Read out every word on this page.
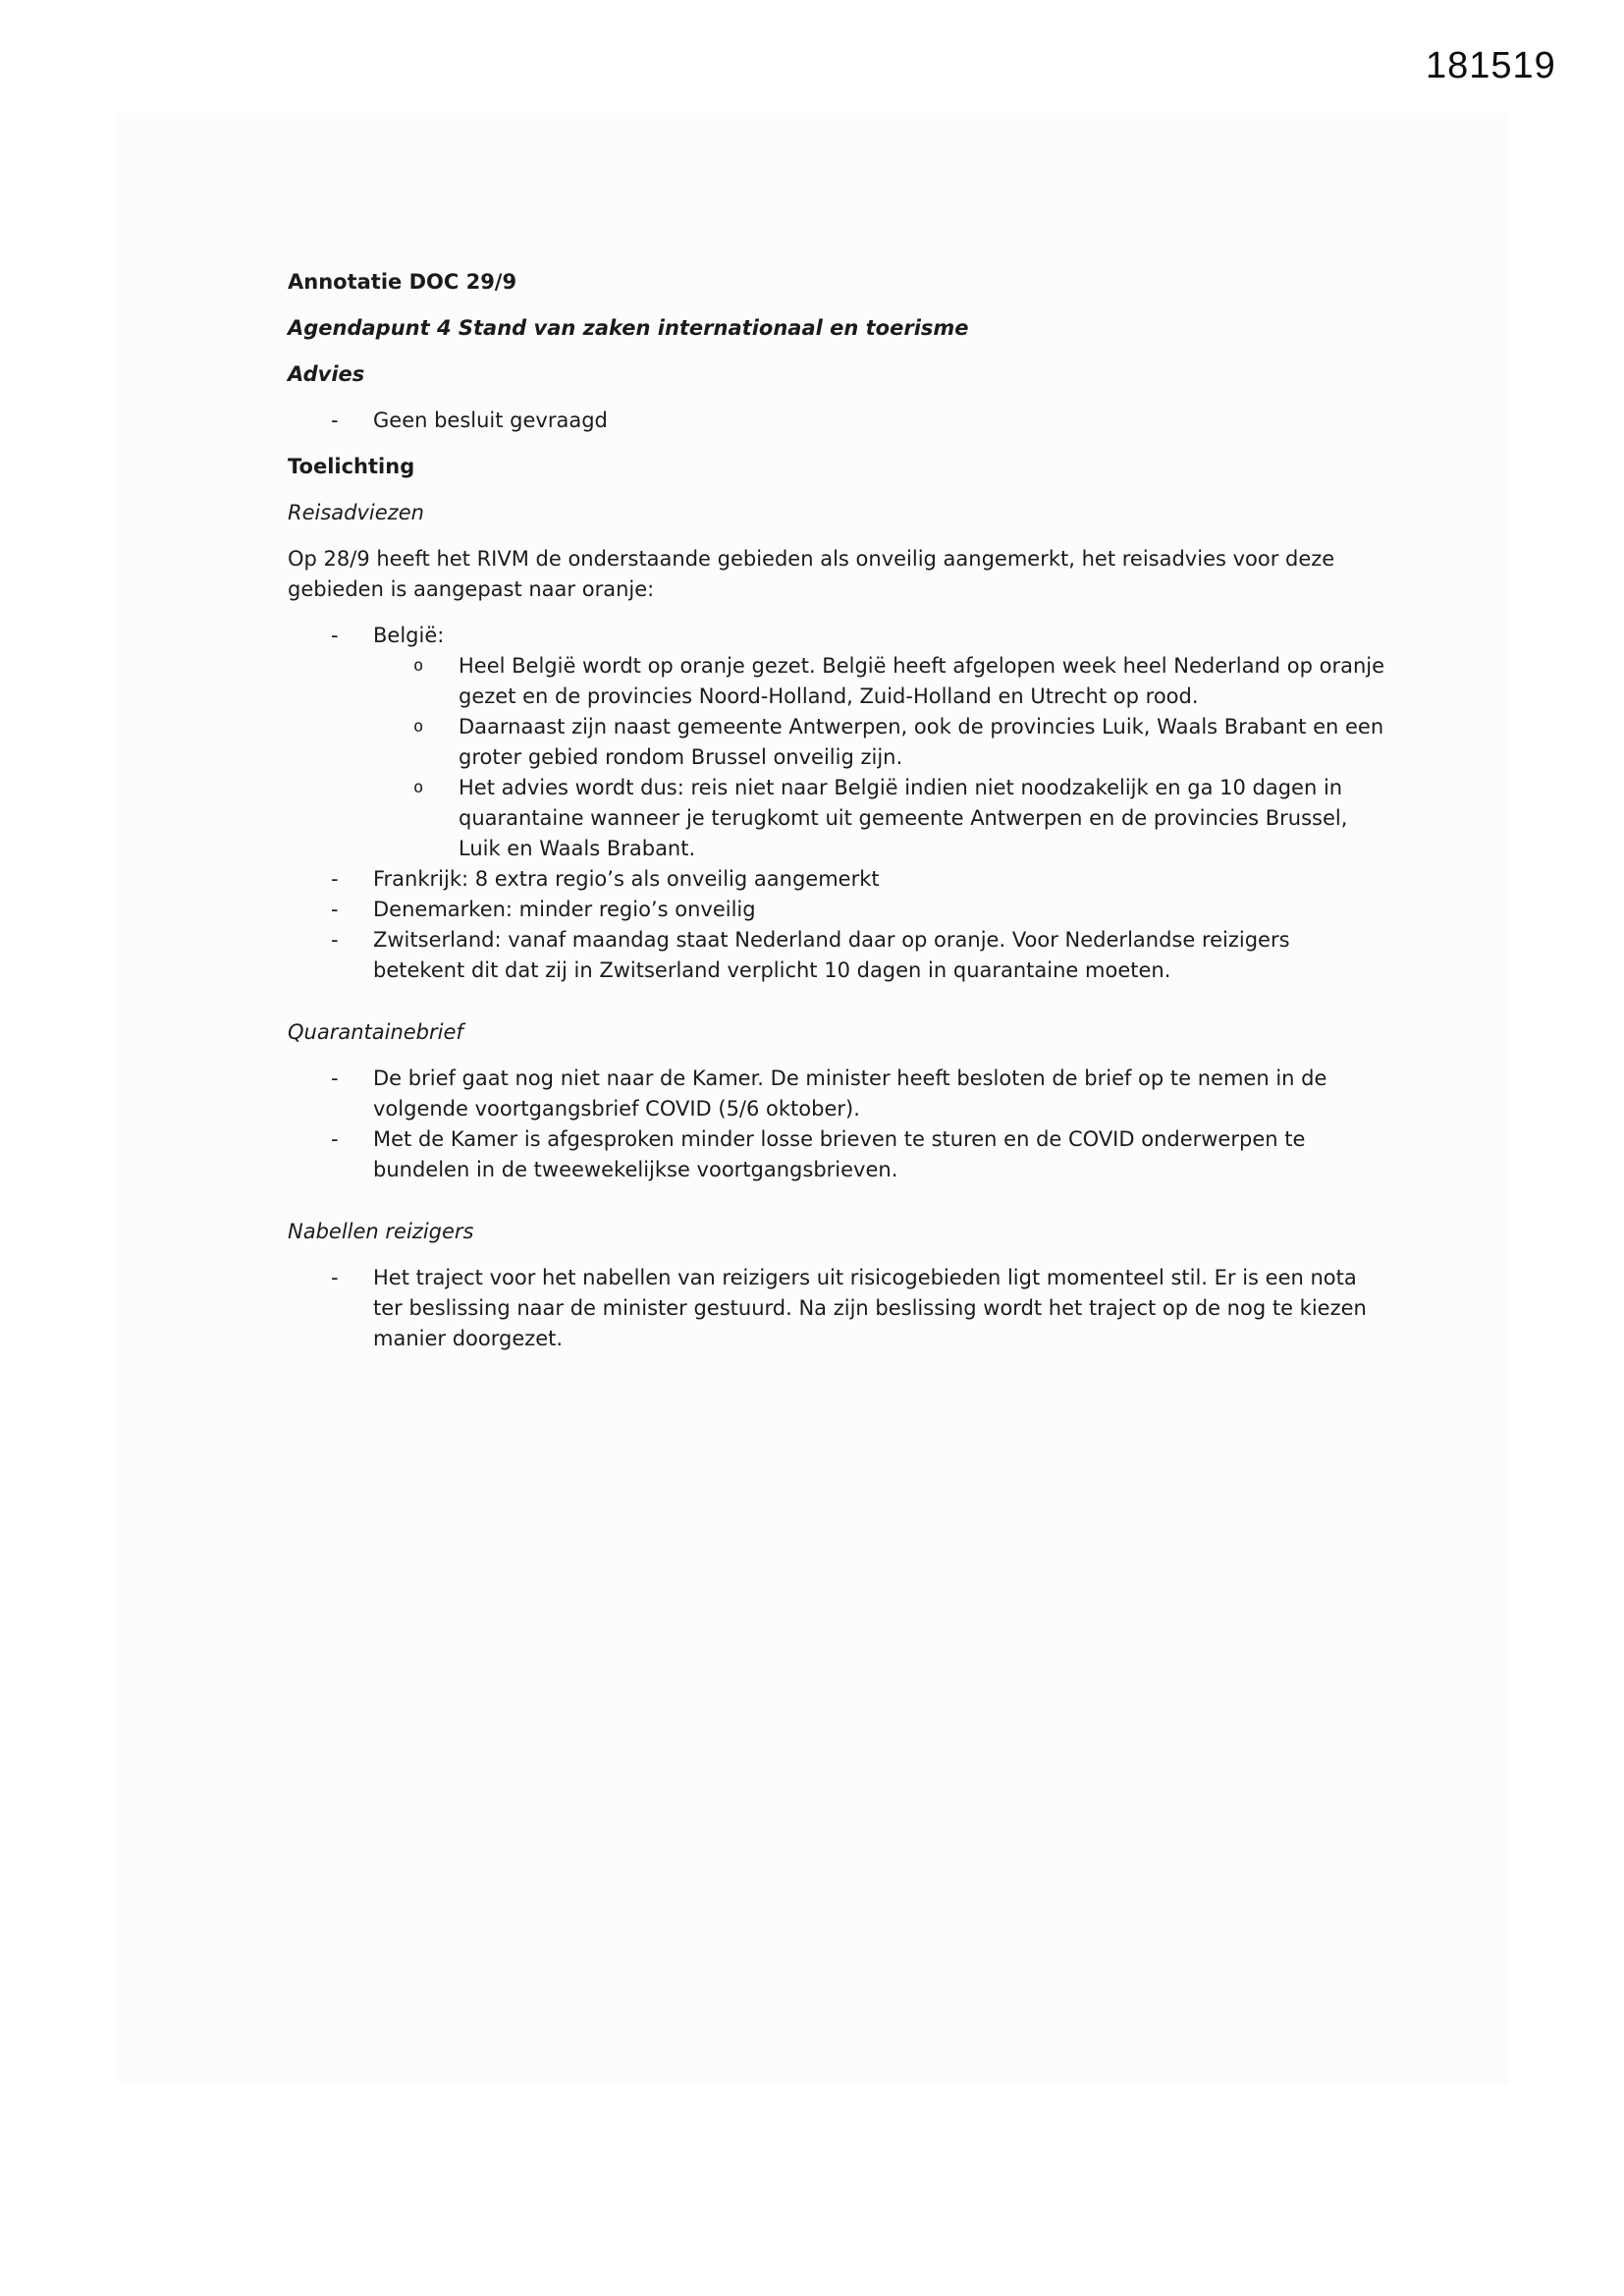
181519
Annotatie DOC 29/9
Agendapunt 4 Stand van zaken internationaal en toerisme
Advies
-	Geen besluit gevraagd
Toelichting
Reisadviezen
Op 28/9 heeft het RIVM de onderstaande gebieden als onveilig aangemerkt, het reisadvies voor deze gebieden is aangepast naar oranje:
-	België:
o	Heel België wordt op oranje gezet. België heeft afgelopen week heel Nederland op oranje gezet en de provincies Noord-Holland, Zuid-Holland en Utrecht op rood.
o	Daarnaast zijn naast gemeente Antwerpen, ook de provincies Luik, Waals Brabant en een groter gebied rondom Brussel onveilig zijn.
o	Het advies wordt dus: reis niet naar België indien niet noodzakelijk en ga 10 dagen in quarantaine wanneer je terugkomt uit gemeente Antwerpen en de provincies Brussel, Luik en Waals Brabant.
-	Frankrijk: 8 extra regio’s als onveilig aangemerkt
-	Denemarken: minder regio’s onveilig
-	Zwitserland: vanaf maandag staat Nederland daar op oranje. Voor Nederlandse reizigers betekent dit dat zij in Zwitserland verplicht 10 dagen in quarantaine moeten.
Quarantainebrief
-	De brief gaat nog niet naar de Kamer. De minister heeft besloten de brief op te nemen in de volgende voortgangsbrief COVID (5/6 oktober).
-	Met de Kamer is afgesproken minder losse brieven te sturen en de COVID onderwerpen te bundelen in de tweewekelijkse voortgangsbrieven.
Nabellen reizigers
-	Het traject voor het nabellen van reizigers uit risicogebieden ligt momenteel stil. Er is een nota ter beslissing naar de minister gestuurd. Na zijn beslissing wordt het traject op de nog te kiezen manier doorgezet.
